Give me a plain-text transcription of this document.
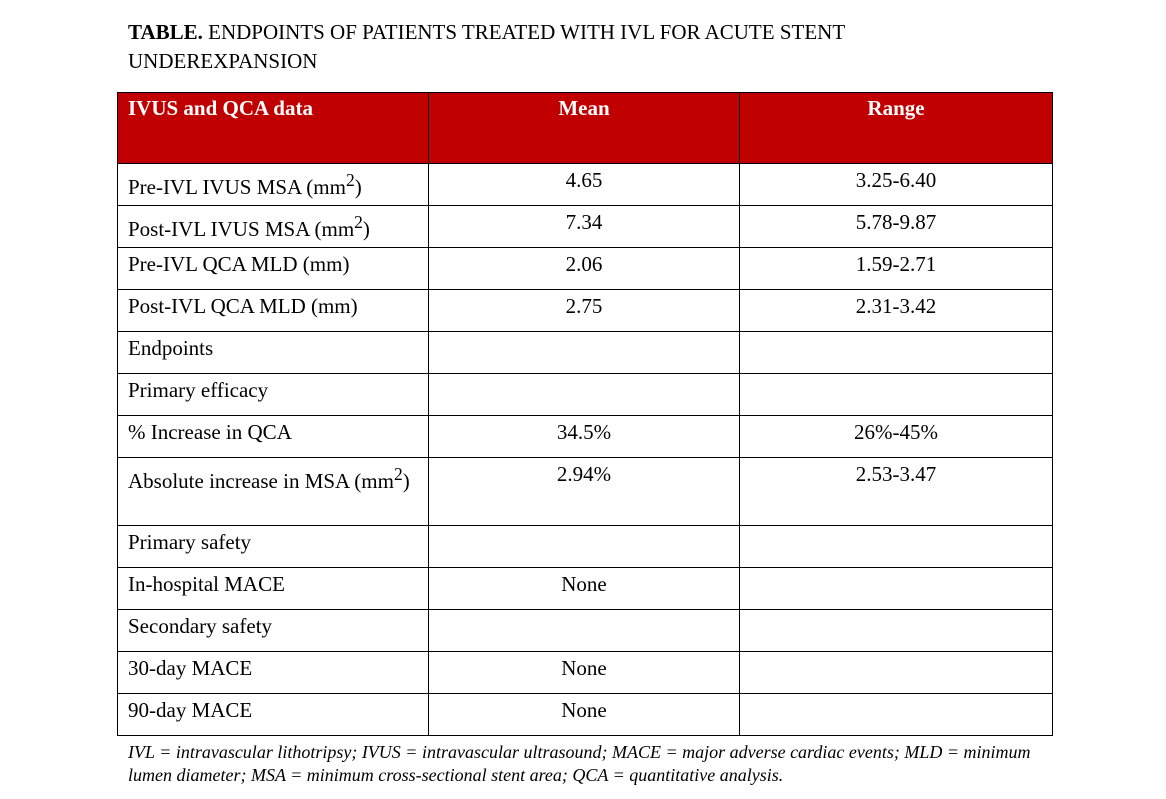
TABLE. ENDPOINTS OF PATIENTS TREATED WITH IVL FOR ACUTE STENT UNDEREXPANSION
IVUS and QCA data	Mean	Range
Pre-IVL IVUS MSA $(mm^2)$	4.65	3.25-6.40
Post-IVL IVUS MSA $(mm^2)$	7.34	5.78-9.87
Pre-IVL QCA MLD (mm)	2.06	1.59-2.71
Post-IVL QCA MLD (mm)	2.75	2.31-3.42
Endpoints		
Primary efficacy		
% Increase in QCA	34.5%	26%-45%
Absolute increase in MSA $(mm^2)$	2.94%	2.53-3.47
Primary safety		
In-hospital MACE	None	
Secondary safety		
30-day MACE	None	
90-day MACE	None	
IVL = intravascular lithotripsy; IVUS = intravascular ultrasound; MACE = major adverse cardiac events; MLD = minimum lumen diameter; MSA = minimum cross-sectional stent area; QCA = quantitative analysis.
